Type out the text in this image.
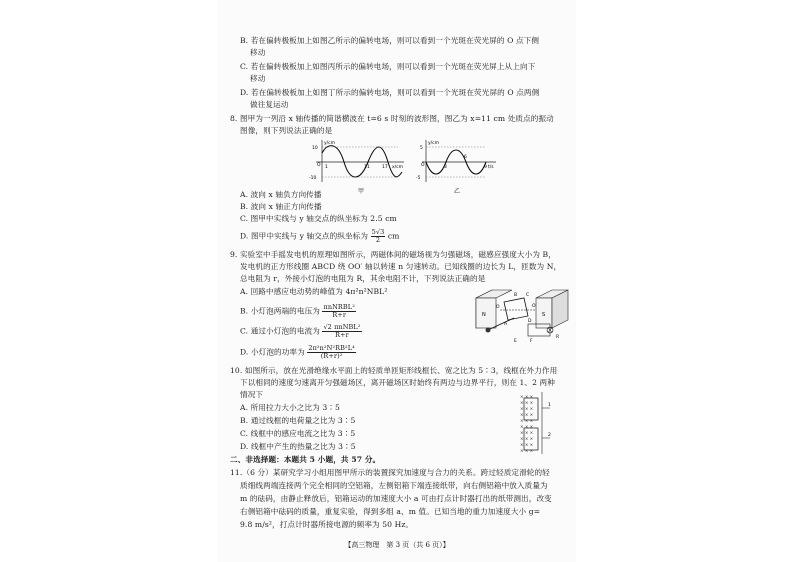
B. 若在偏转极板加上如图乙所示的偏转电场，则可以看到一个光斑在荧光屏的 O 点下侧
移动
C. 若在偏转极板加上如图丙所示的偏转电场，则可以看到一个光斑在荧光屏上从上向下
移动
D. 若在偏转极板加上如图丁所示的偏转电场，则可以看到一个光斑在荧光屏的 O 点两侧
做往复运动
8. 图甲为一列沿 x 轴传播的简谐横波在 t=6 s 时刻的波形图，图乙为 x=11 cm 处质点的振动
图像，则下列说法正确的是
y/cm
x/cm
O
10
-10
1	11	17
甲
y/cm
t/s
O
5
-5
3
6
9
乙
A. 波向 x 轴负方向传播
B. 波向 x 轴正方向传播
C. 图甲中实线与 y 轴交点的纵坐标为 2.5 cm
D. 图甲中实线与 y 轴交点的纵坐标为 $\frac{5√3}{2}$ cm
9. 实验室中手摇发电机的原理如图所示，两磁体间的磁场视为匀强磁场，磁感应强度大小为 B，
发电机的正方形线圈 ABCD 绕 OO′ 轴以转速 n 匀速转动。已知线圈的边长为 L，匝数为 N，
总电阻为 r，外接小灯泡的电阻为 R，其余电阻不计，下列说法正确的是
A. 回路中感应电动势的峰值为 4π²n²NBL²
B. 小灯泡两端的电压为 $\frac{\text{πnNRBL²}}{R+r}$
C. 通过小灯泡的电流为 $\frac{\text{√2 πnNBL²}}{R+r}$
D. 小灯泡的功率为 $\frac{\text{2π²n²N²RB²L⁴}}{\text{(R+r)²}}$
N	S
B C
A
D
O	O′
R
E	F
10. 如图所示，放在光滑绝缘水平面上的轻质单匝矩形线框长、宽之比为 5∶3，线框在外力作用
下以相同的速度匀速离开匀强磁场区，离开磁场区时始终有两边与边界平行，则在 1、2 两种
情况下
A. 所用拉力大小之比为 3∶5
B. 通过线框的电荷量之比为 3∶5
C. 线框中的感应电流之比为 3∶5
D. 线框中产生的热量之比为 3∶5
× × ×
× × ×
× × ×
× × ×
× × ×
× × ×
× × ×
× × ×
× × ×
× × ×
1
2
二、非选择题：本题共 5 小题，共 57 分。
11.（6 分）某研究学习小组用图甲所示的装置探究加速度与合力的关系。跨过轻质定滑轮的轻
质细线两端连接两个完全相同的空铝箱，左侧铝箱下端连接纸带，向右侧铝箱中放入质量为
m 的砝码，由静止释放后，铝箱运动的加速度大小 a 可由打点计时器打出的纸带测出，改变
右侧铝箱中砝码的质量，重复实验，得到多组 a、m 值。已知当地的重力加速度大小 g=
9.8 m/s²，打点计时器所接电源的频率为 50 Hz。
【高三物理　第 3 页（共 6 页）】
